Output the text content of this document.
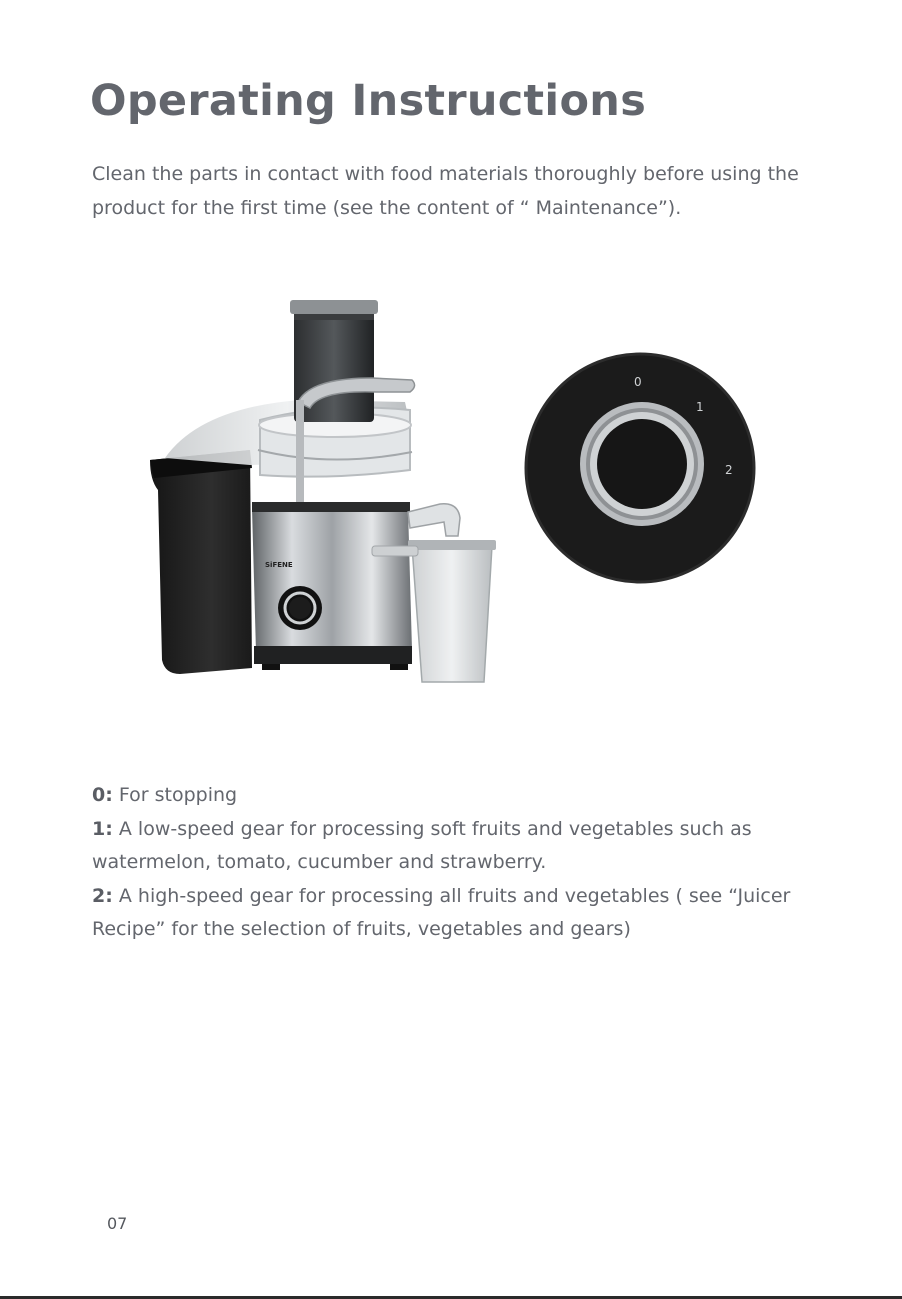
Operating Instructions

Clean the parts in contact with food materials thoroughly before using the product for the first time (see the content of “ Maintenance”).

SiFENE
0
1
2
0: For stopping
1: A low-speed gear for processing soft fruits and vegetables such as watermelon, tomato, cucumber and strawberry.
2: A high-speed gear for processing all fruits and vegetables ( see “Juicer Recipe” for the selection of fruits, vegetables and gears)
07
